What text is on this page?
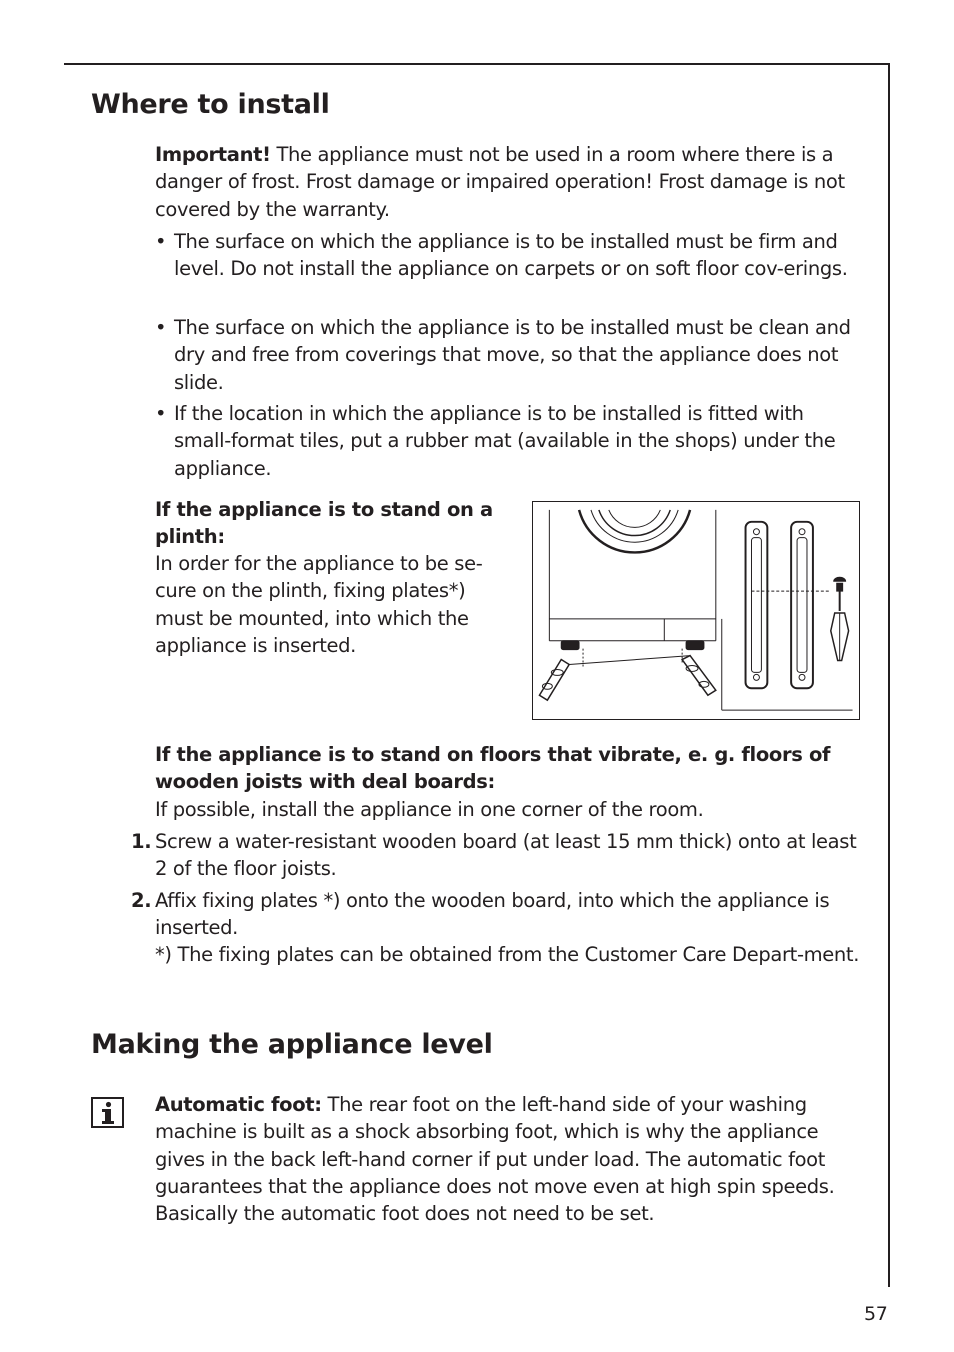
Where to install

Important! The appliance must not be used in a room where there is a danger of frost. Frost damage or impaired operation! Frost damage is not covered by the warranty.

• The surface on which the appliance is to be installed must be firm and level. Do not install the appliance on carpets or on soft floor cov-erings.
• The surface on which the appliance is to be installed must be clean and dry and free from coverings that move, so that the appliance does not slide.
• If the location in which the appliance is to be installed is fitted with small-format tiles, put a rubber mat (available in the shops) under the appliance.

If the appliance is to stand on a plinth:

In order for the appliance to be se-cure on the plinth, fixing plates*) must be mounted, into which the appliance is inserted.

If the appliance is to stand on floors that vibrate, e. g. floors of wooden joists with deal boards:

If possible, install the appliance in one corner of the room.

1. Screw a water-resistant wooden board (at least 15 mm thick) onto at least 2 of the floor joists.

2. Affix fixing plates *) onto the wooden board, into which the appliance is inserted.

*) The fixing plates can be obtained from the Customer Care Depart-ment.

Making the appliance level

Automatic foot: The rear foot on the left-hand side of your washing machine is built as a shock absorbing foot, which is why the appliance gives in the back left-hand corner if put under load. The automatic foot guarantees that the appliance does not move even at high spin speeds. Basically the automatic foot does not need to be set.

57
